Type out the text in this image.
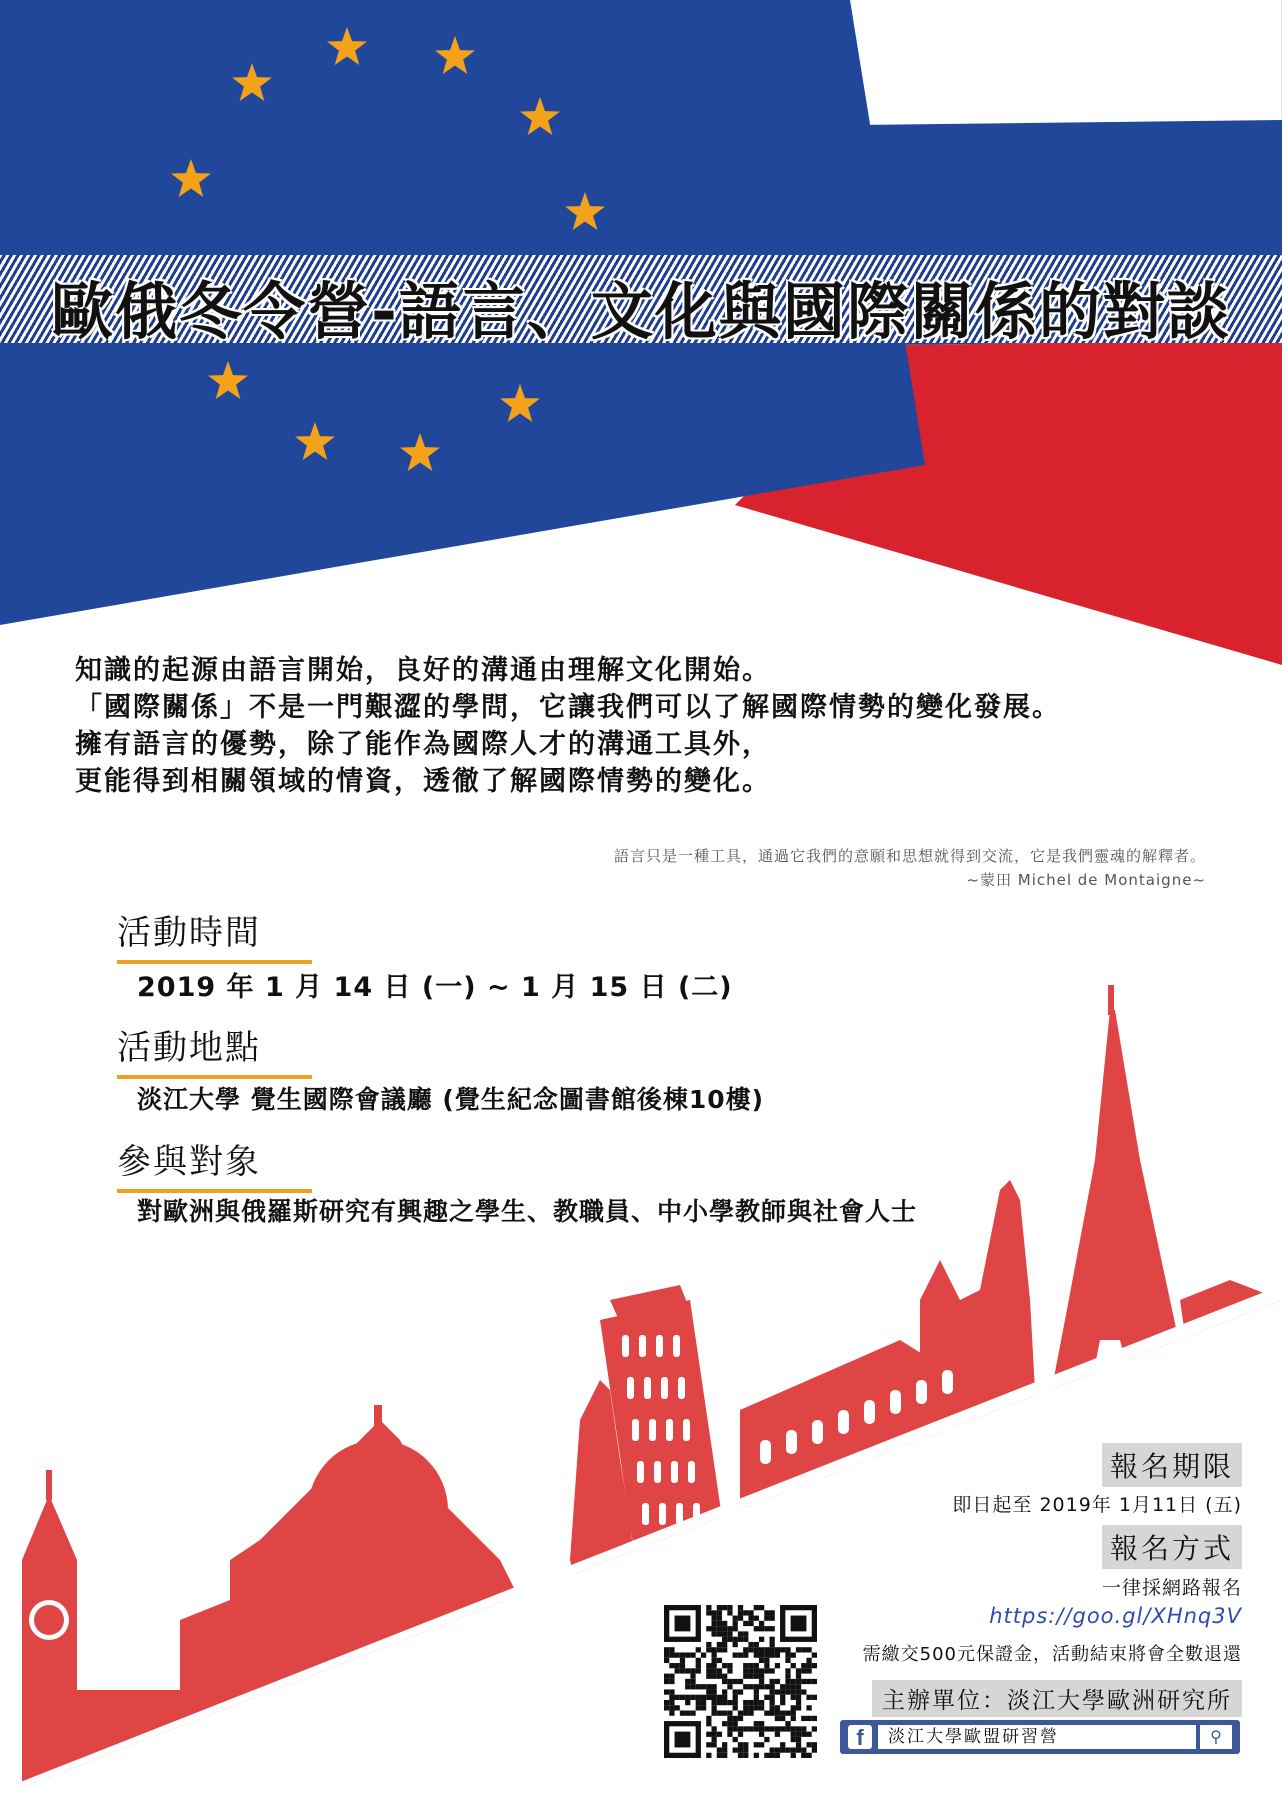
歐俄冬令營-語言、文化與國際關係的對談
知識的起源由語言開始，良好的溝通由理解文化開始。
「國際關係」不是一門艱澀的學問，它讓我們可以了解國際情勢的變化發展。
擁有語言的優勢，除了能作為國際人才的溝通工具外，
更能得到相關領域的情資，透徹了解國際情勢的變化。
語言只是一種工具，通過它我們的意願和思想就得到交流，它是我們靈魂的解釋者。
~蒙田 Michel de Montaigne~
活動時間
2019 年 1 月 14 日 (一) ~ 1 月 15 日 (二)
活動地點
淡江大學 覺生國際會議廳 (覺生紀念圖書館後棟10樓)
參與對象
對歐洲與俄羅斯研究有興趣之學生、教職員、中小學教師與社會人士
報名期限
即日起至 2019年 1月11日 (五)
報名方式
一律採網路報名
https://goo.gl/XHnq3V
需繳交500元保證金，活動結束將會全數退還
主辦單位：淡江大學歐洲研究所
f	淡江大學歐盟研習營	⚲
